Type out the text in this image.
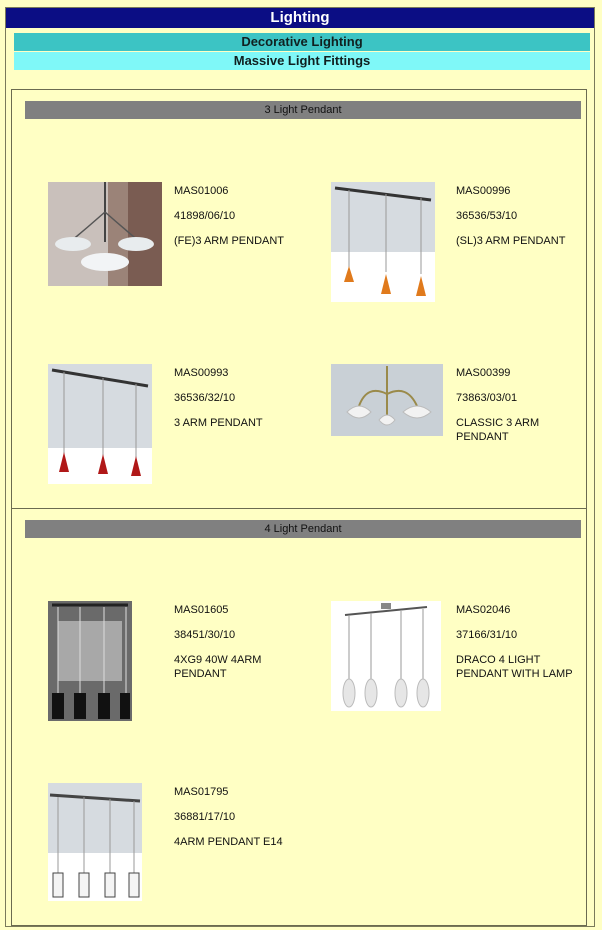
Lighting
Decorative Lighting
Massive Light Fittings
3 Light Pendant
MAS01006
41898/06/10
(FE)3 ARM PENDANT
MAS00996
36536/53/10
(SL)3 ARM PENDANT
MAS00993
36536/32/10
3 ARM PENDANT
MAS00399
73863/03/01
CLASSIC 3 ARM PENDANT
4 Light Pendant
MAS01605
38451/30/10
4XG9 40W 4ARM PENDANT
MAS02046
37166/31/10
DRACO 4 LIGHT PENDANT WITH LAMP
MAS01795
36881/17/10
4ARM PENDANT E14
